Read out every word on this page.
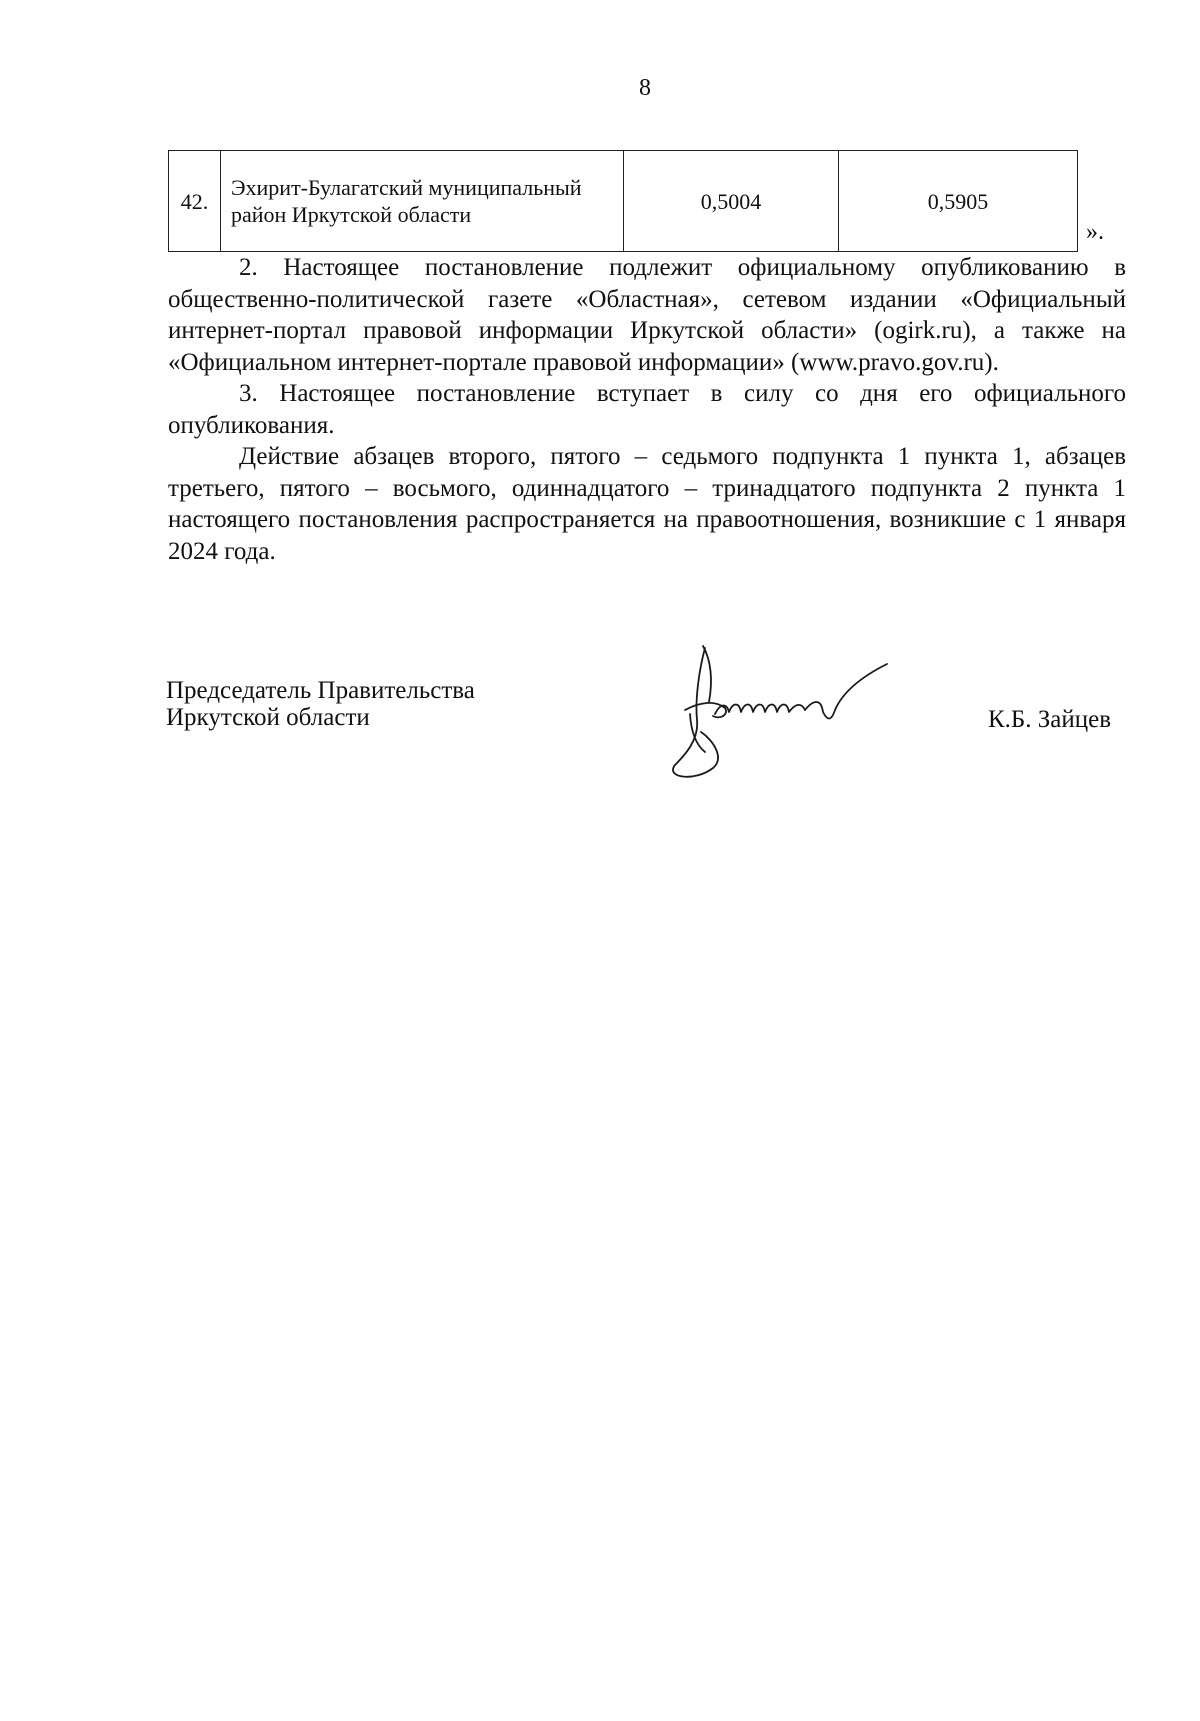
8
42.
Эхирит-Булагатский муниципальный район Иркутской области
0,5004	0,5905
».

2. Настоящее постановление подлежит официальному опубликованию в общественно-политической газете «Областная», сетевом издании «Официальный интернет-портал правовой информации Иркутской области» (ogirk.ru), а также на «Официальном интернет-портале правовой информации» (www.pravo.gov.ru).

3. Настоящее постановление вступает в силу со дня его официального опубликования.

Действие абзацев второго, пятого – седьмого подпункта 1 пункта 1, абзацев третьего, пятого – восьмого, одиннадцатого – тринадцатого подпункта 2 пункта 1 настоящего постановления распространяется на правоотношения, возникшие с 1 января 2024 года.

Председатель Правительства
Иркутской области	К.Б. Зайцев
